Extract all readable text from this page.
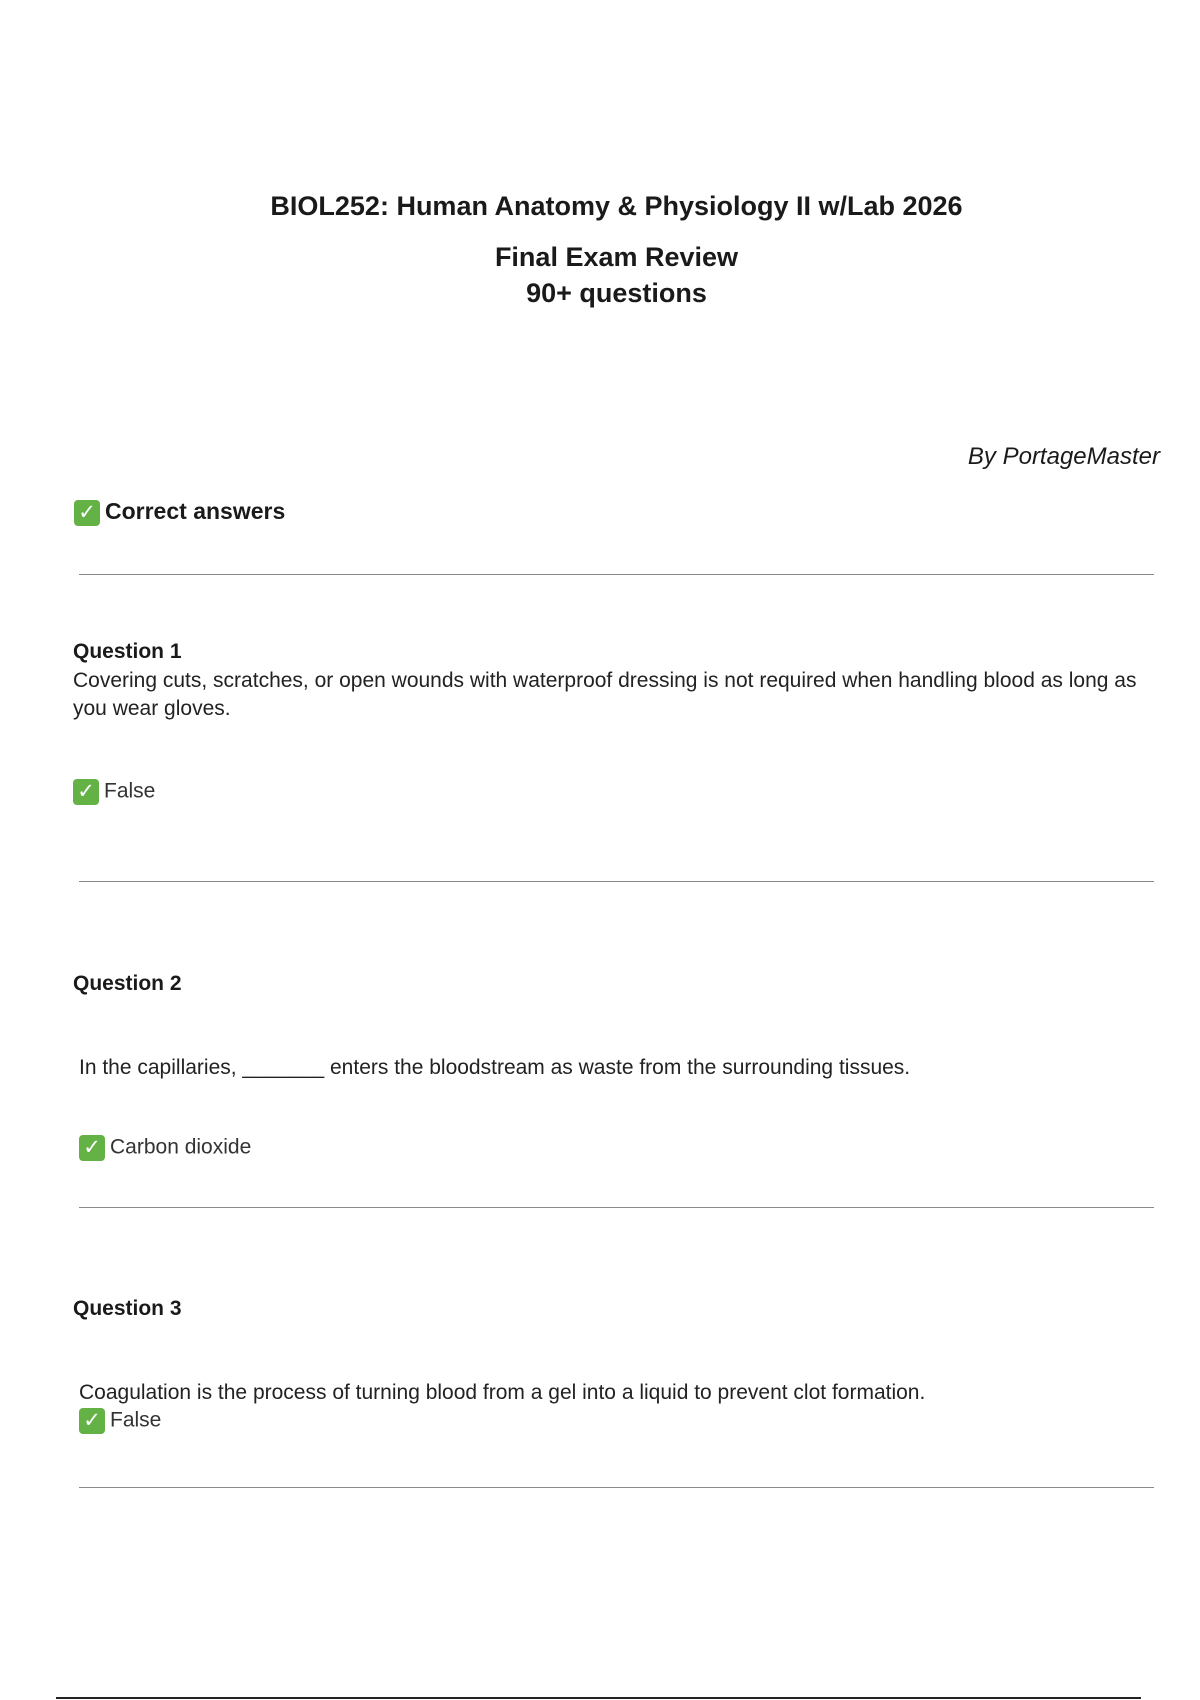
BIOL252: Human Anatomy & Physiology II w/Lab 2026

Final Exam Review

90+ questions

By PortageMaster
✓ Correct answers
Question 1
Covering cuts, scratches, or open wounds with waterproof dressing is not required when handling blood as long as you wear gloves.
✓ False
Question 2
In the capillaries, _______ enters the bloodstream as waste from the surrounding tissues.
✓ Carbon dioxide
Question 3
Coagulation is the process of turning blood from a gel into a liquid to prevent clot formation.
✓ False
